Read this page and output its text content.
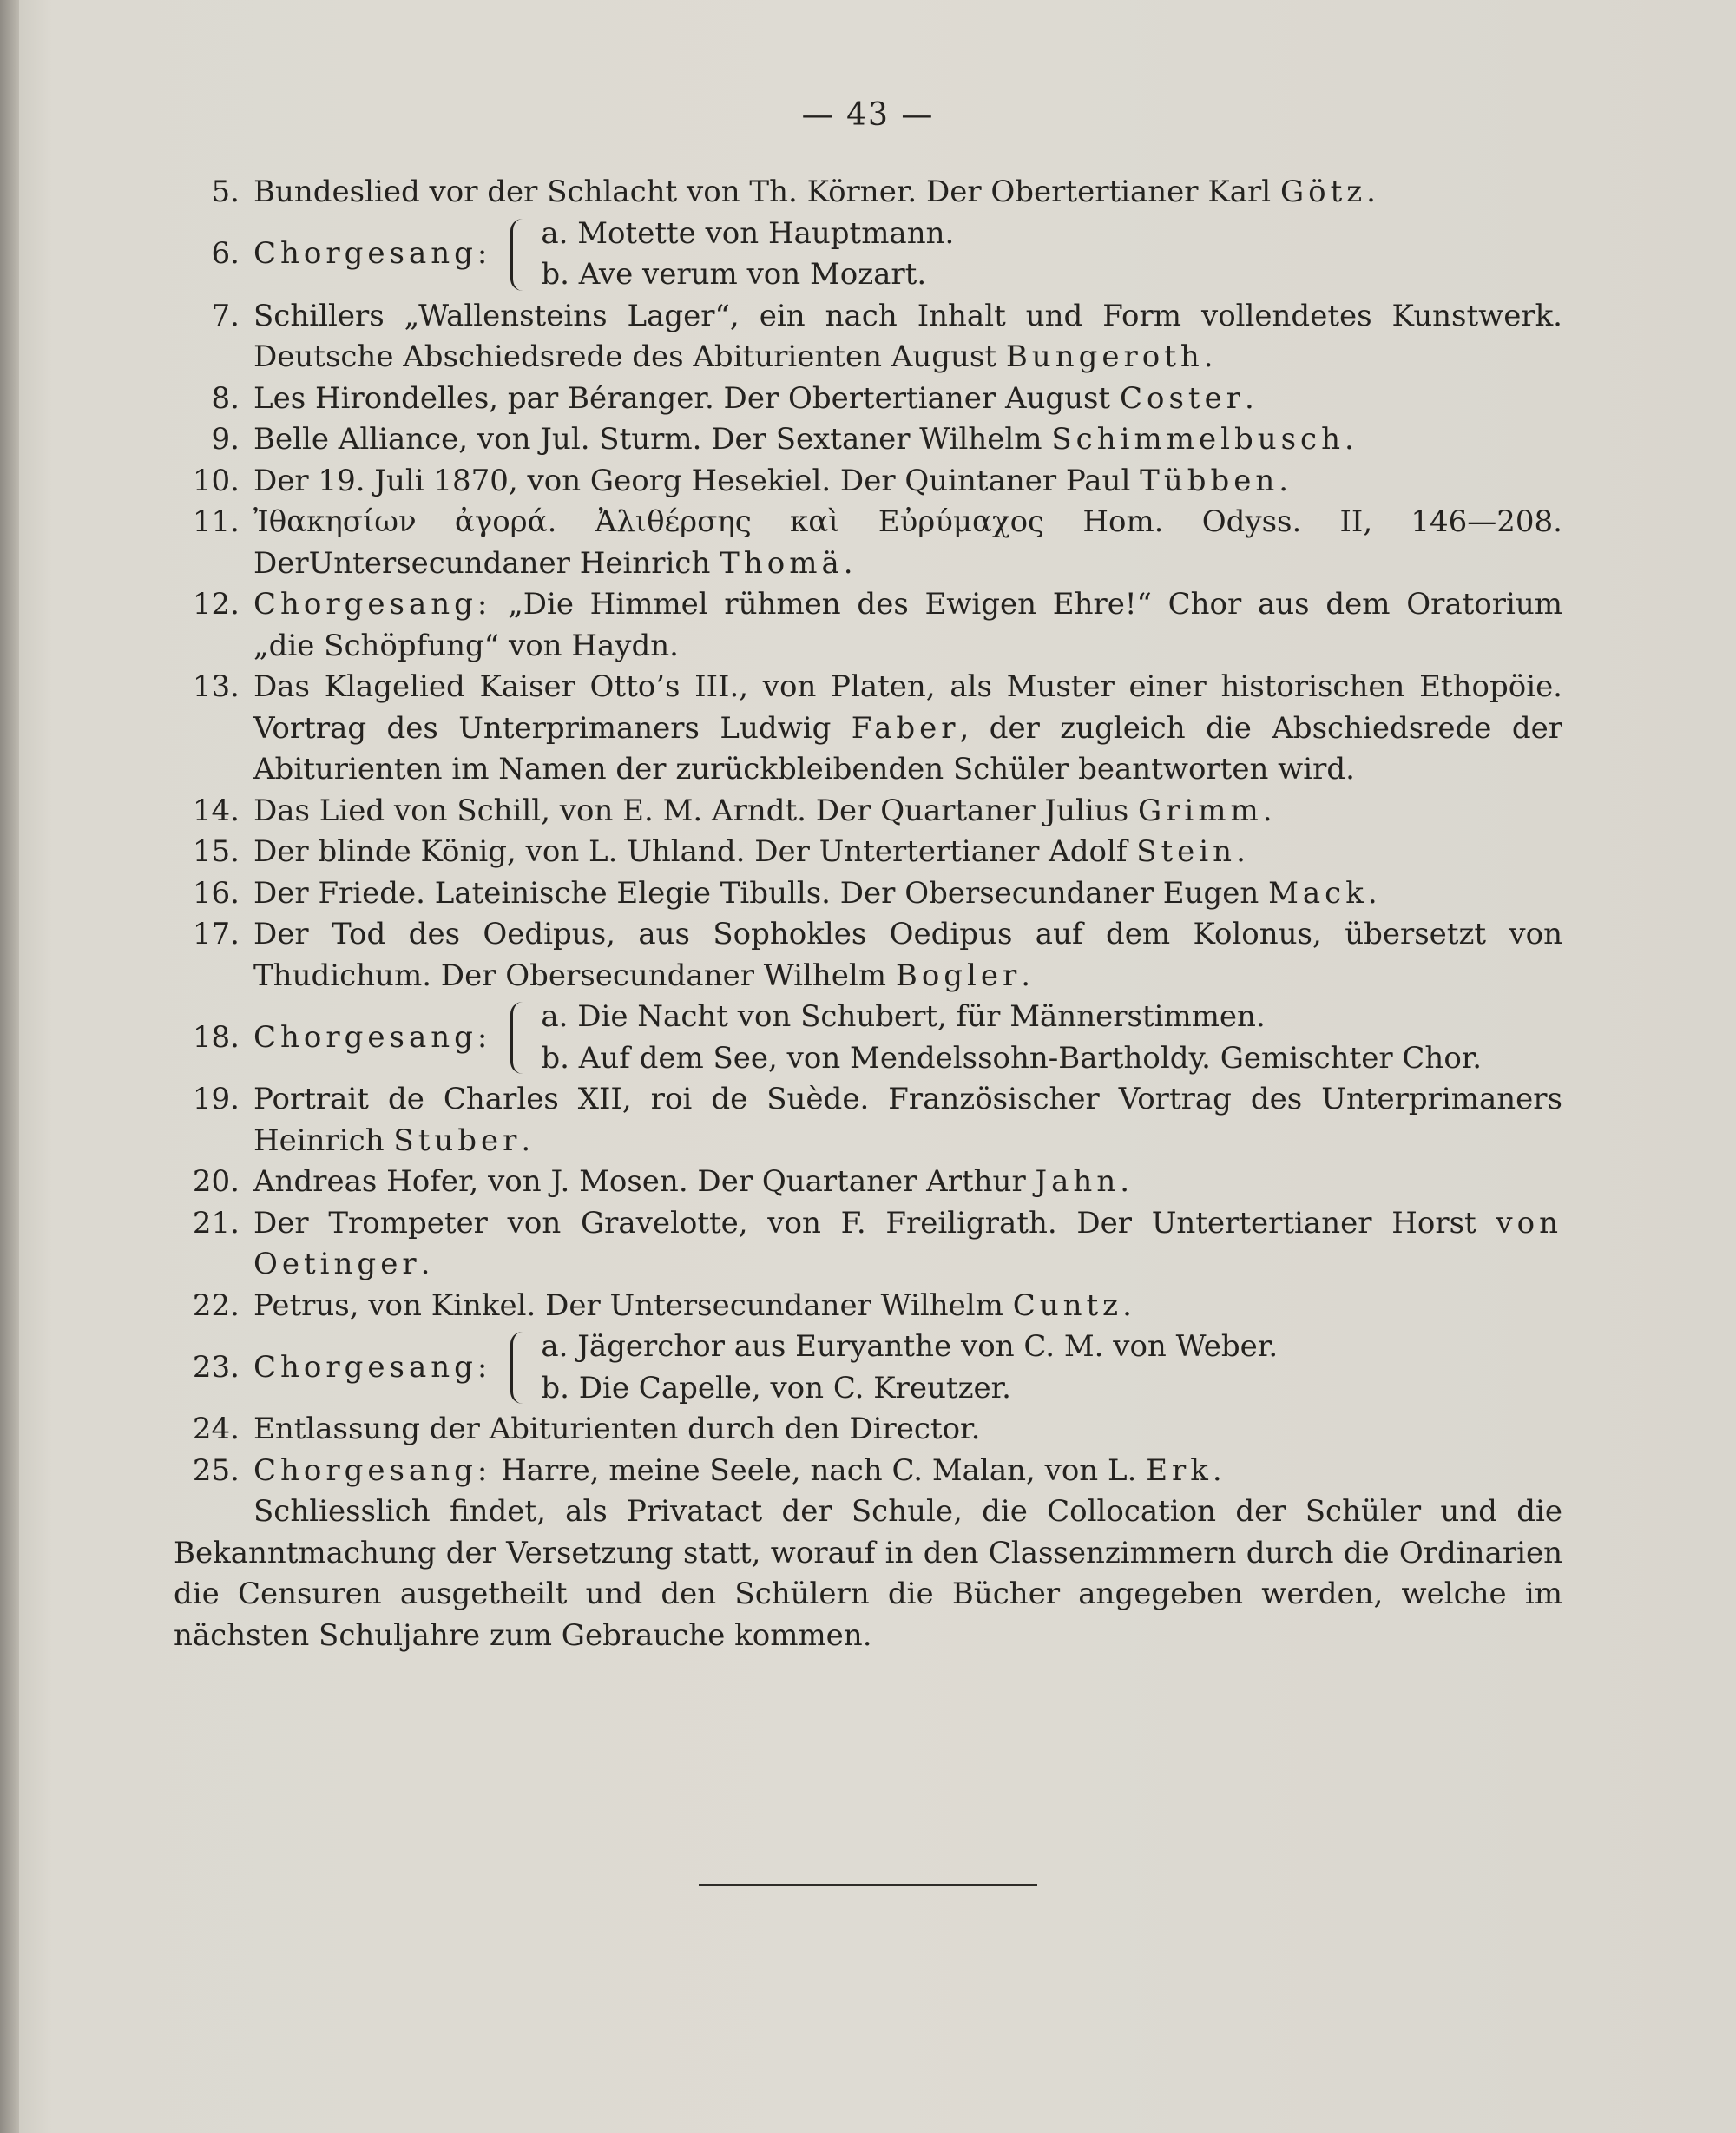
— 43 —
5. Bundeslied vor der Schlacht von Th. Körner. Der Obertertianer Karl Götz.
6. Chorgesang:
a. Motette von Hauptmann.
b. Ave verum von Mozart.
7. Schillers „Wallensteins Lager“, ein nach Inhalt und Form vollendetes Kunstwerk. Deutsche Abschiedsrede des Abiturienten August Bungeroth.
8. Les Hirondelles, par Béranger. Der Obertertianer August Coster.
9. Belle Alliance, von Jul. Sturm. Der Sextaner Wilhelm Schimmelbusch.
10. Der 19. Juli 1870, von Georg Hesekiel. Der Quintaner Paul Tübben.
11. Ἰθακησίων ἀγορά. Ἀλιθέρσης καὶ Εὐρύμαχος Hom. Odyss. II, 146—208. DerUntersecundaner Heinrich Thomä.
12. Chorgesang: „Die Himmel rühmen des Ewigen Ehre!“ Chor aus dem Oratorium „die Schöpfung“ von Haydn.
13. Das Klagelied Kaiser Otto’s III., von Platen, als Muster einer historischen Ethopöie. Vortrag des Unterprimaners Ludwig Faber, der zugleich die Abschiedsrede der Abiturienten im Namen der zurückbleibenden Schüler beantworten wird.
14. Das Lied von Schill, von E. M. Arndt. Der Quartaner Julius Grimm.
15. Der blinde König, von L. Uhland. Der Untertertianer Adolf Stein.
16. Der Friede. Lateinische Elegie Tibulls. Der Obersecundaner Eugen Mack.
17. Der Tod des Oedipus, aus Sophokles Oedipus auf dem Kolonus, übersetzt von Thudichum. Der Obersecundaner Wilhelm Bogler.
18. Chorgesang:
a. Die Nacht von Schubert, für Männerstimmen.
b. Auf dem See, von Mendelssohn-Bartholdy. Gemischter Chor.
19. Portrait de Charles XII, roi de Suède. Französischer Vortrag des Unterprimaners Heinrich Stuber.
20. Andreas Hofer, von J. Mosen. Der Quartaner Arthur Jahn.
21. Der Trompeter von Gravelotte, von F. Freiligrath. Der Untertertianer Horst von Oetinger.
22. Petrus, von Kinkel. Der Untersecundaner Wilhelm Cuntz.
23. Chorgesang:
a. Jägerchor aus Euryanthe von C. M. von Weber.
b. Die Capelle, von C. Kreutzer.
24. Entlassung der Abiturienten durch den Director.
25. Chorgesang: Harre, meine Seele, nach C. Malan, von L. Erk.
Schliesslich findet, als Privatact der Schule, die Collocation der Schüler und die Bekanntmachung der Versetzung statt, worauf in den Classenzimmern durch die Ordinarien die Censuren ausgetheilt und den Schülern die Bücher angegeben werden, welche im nächsten Schuljahre zum Gebrauche kommen.
